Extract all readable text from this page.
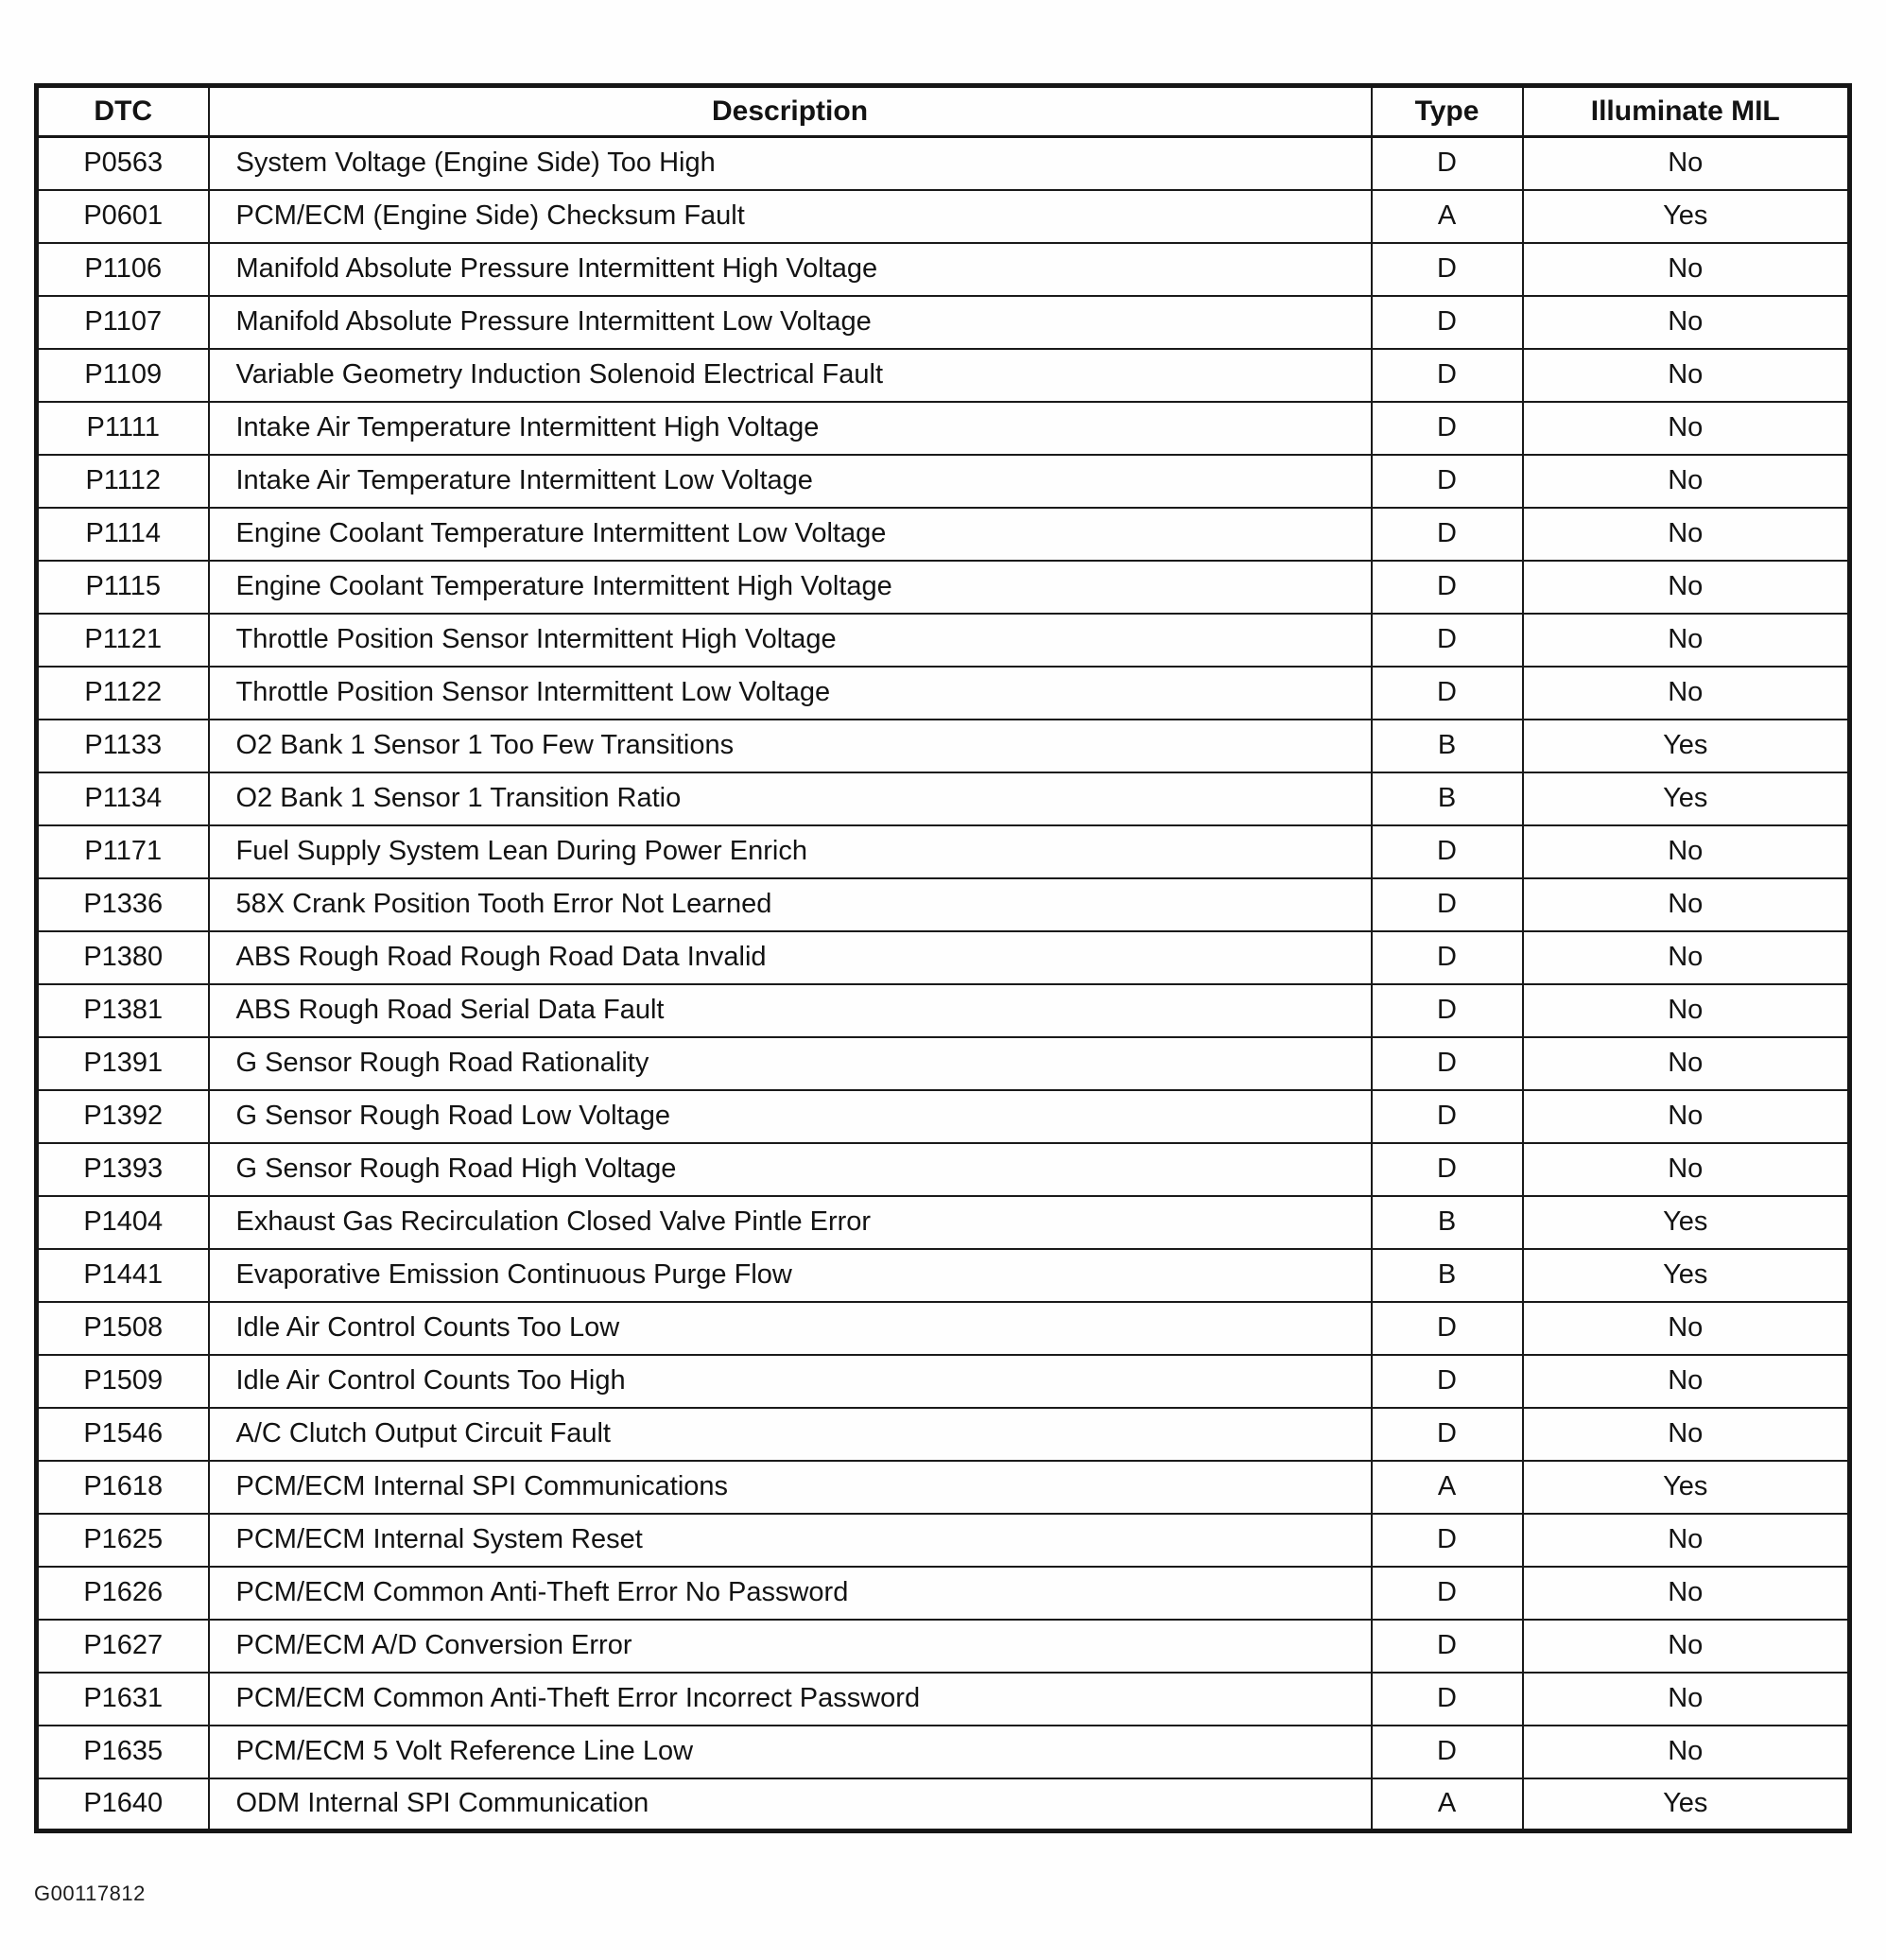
DTC	Description	Type	Illuminate MIL
P0563	System Voltage (Engine Side) Too High	D	No
P0601	PCM/ECM (Engine Side) Checksum Fault	A	Yes
P1106	Manifold Absolute Pressure Intermittent High Voltage	D	No
P1107	Manifold Absolute Pressure Intermittent Low Voltage	D	No
P1109	Variable Geometry Induction Solenoid Electrical Fault	D	No
P1111	Intake Air Temperature Intermittent High Voltage	D	No
P1112	Intake Air Temperature Intermittent Low Voltage	D	No
P1114	Engine Coolant Temperature Intermittent Low Voltage	D	No
P1115	Engine Coolant Temperature Intermittent High Voltage	D	No
P1121	Throttle Position Sensor Intermittent High Voltage	D	No
P1122	Throttle Position Sensor Intermittent Low Voltage	D	No
P1133	O2 Bank 1 Sensor 1 Too Few Transitions	B	Yes
P1134	O2 Bank 1 Sensor 1 Transition Ratio	B	Yes
P1171	Fuel Supply System Lean During Power Enrich	D	No
P1336	58X Crank Position Tooth Error Not Learned	D	No
P1380	ABS Rough Road Rough Road Data Invalid	D	No
P1381	ABS Rough Road Serial Data Fault	D	No
P1391	G Sensor Rough Road Rationality	D	No
P1392	G Sensor Rough Road Low Voltage	D	No
P1393	G Sensor Rough Road High Voltage	D	No
P1404	Exhaust Gas Recirculation Closed Valve Pintle Error	B	Yes
P1441	Evaporative Emission Continuous Purge Flow	B	Yes
P1508	Idle Air Control Counts Too Low	D	No
P1509	Idle Air Control Counts Too High	D	No
P1546	A/C Clutch Output Circuit Fault	D	No
P1618	PCM/ECM Internal SPI Communications	A	Yes
P1625	PCM/ECM Internal System Reset	D	No
P1626	PCM/ECM Common Anti-Theft Error No Password	D	No
P1627	PCM/ECM A/D Conversion Error	D	No
P1631	PCM/ECM Common Anti-Theft Error Incorrect Password	D	No
P1635	PCM/ECM 5 Volt Reference Line Low	D	No
P1640	ODM Internal SPI Communication	A	Yes
G00117812
